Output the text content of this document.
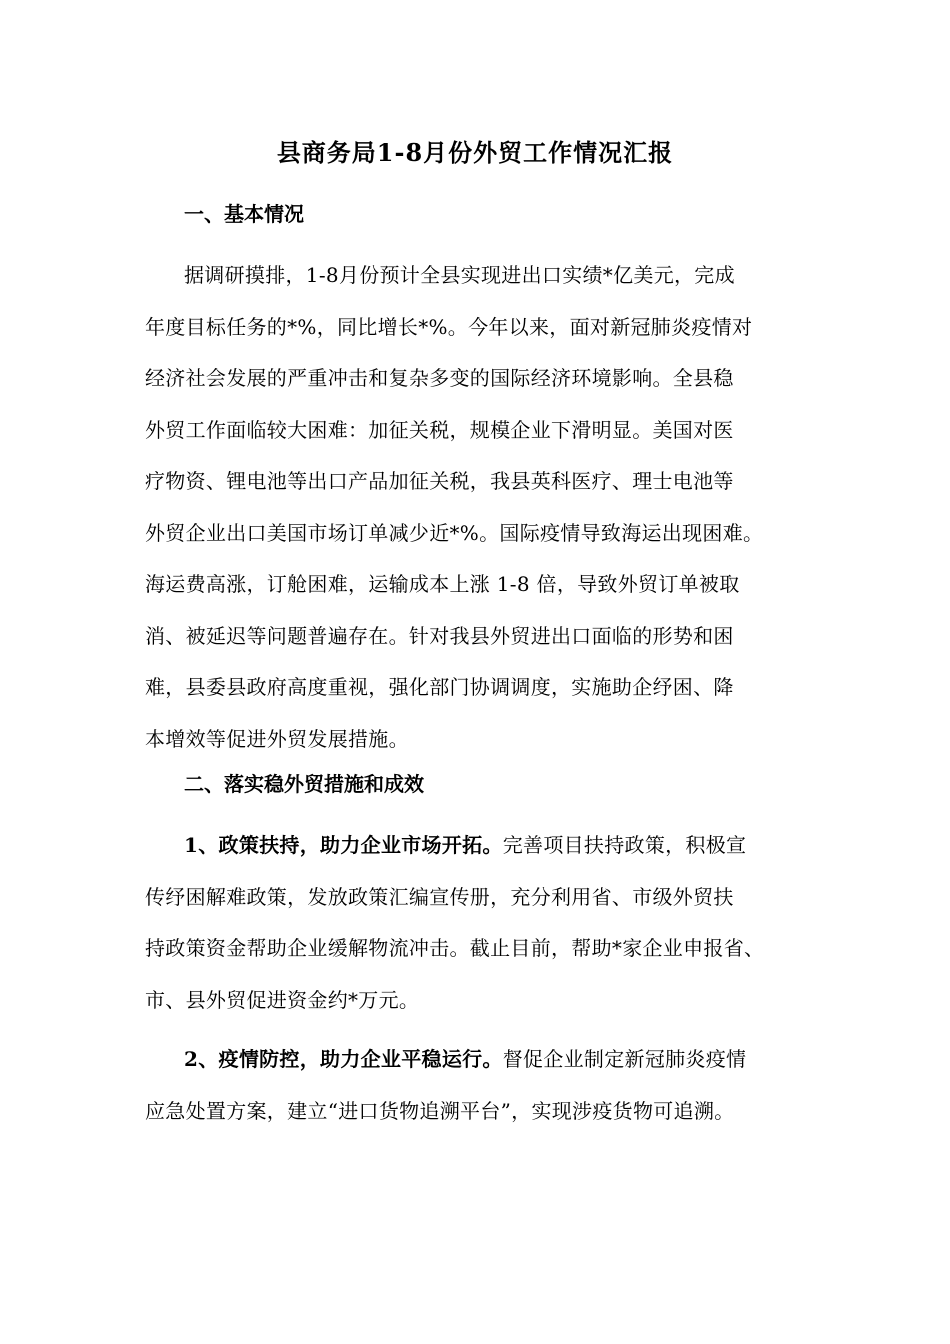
县商务局1-8月份外贸工作情况汇报
一、基本情况
据调研摸排，1-8月份预计全县实现进出口实绩*亿美元，完成
年度目标任务的*%，同比增长*%。今年以来，面对新冠肺炎疫情对
经济社会发展的严重冲击和复杂多变的国际经济环境影响。全县稳
外贸工作面临较大困难：加征关税，规模企业下滑明显。美国对医
疗物资、锂电池等出口产品加征关税，我县英科医疗、理士电池等
外贸企业出口美国市场订单减少近*%。国际疫情导致海运出现困难。
海运费高涨，订舱困难，运输成本上涨 1-8 倍，导致外贸订单被取
消、被延迟等问题普遍存在。针对我县外贸进出口面临的形势和困
难，县委县政府高度重视，强化部门协调调度，实施助企纾困、降
本增效等促进外贸发展措施。
二、落实稳外贸措施和成效
1、政策扶持，助力企业市场开拓。完善项目扶持政策，积极宣
传纾困解难政策，发放政策汇编宣传册，充分利用省、市级外贸扶
持政策资金帮助企业缓解物流冲击。截止目前，帮助*家企业申报省、
市、县外贸促进资金约*万元。
2、疫情防控，助力企业平稳运行。督促企业制定新冠肺炎疫情
应急处置方案，建立“进口货物追溯平台”，实现涉疫货物可追溯。
